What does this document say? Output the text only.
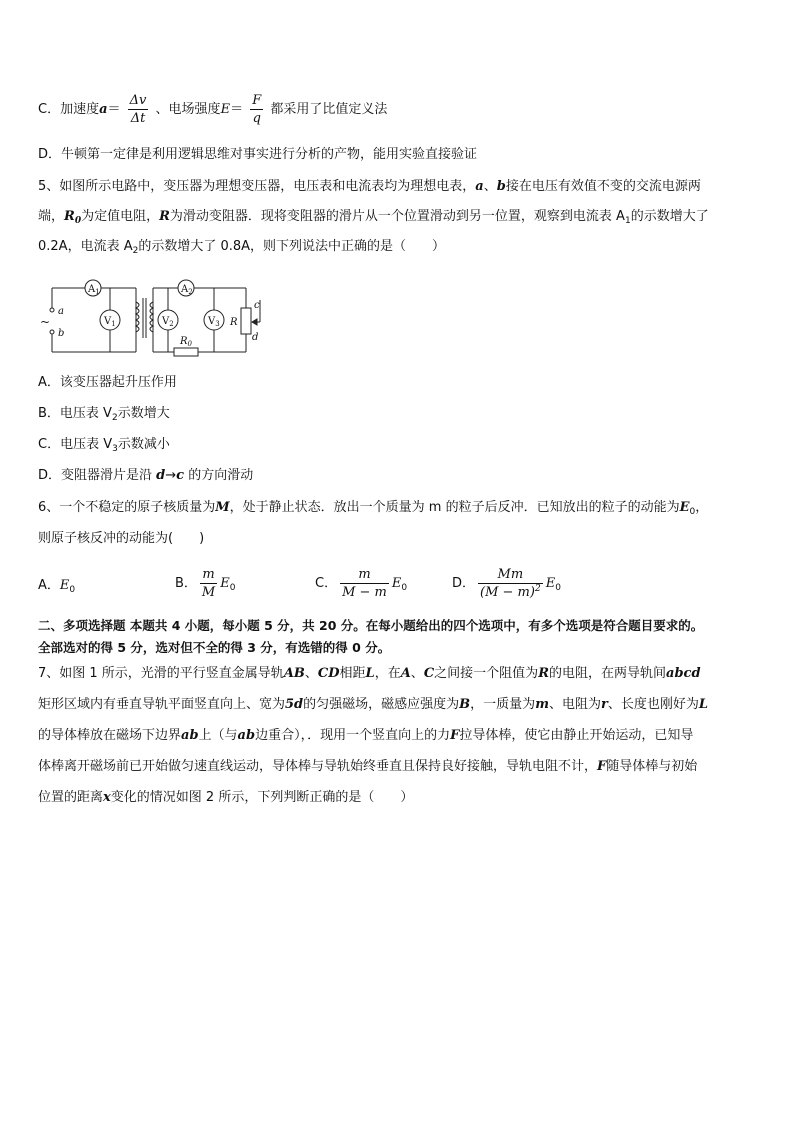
C．加速度$a= \frac{\Delta v}{\Delta t}$ 、电场强度$E= \frac{F}{q}$ 都采用了比值定义法
D．牛顿第一定律是利用逻辑思维对事实进行分析的产物，能用实验直接验证
5、如图所示电路中，变压器为理想变压器，电压表和电流表均为理想电表，a、b接在电压有效值不变的交流电源两
端，$R_0$为定值电阻，R为滑动变阻器．现将变阻器的滑片从一个位置滑动到另一位置，观察到电流表 $A_1$的示数增大了
0.2A，电流表 $A_2$的示数增大了 0.8A，则下列说法中正确的是（　　）
$A_1$	$A_2$
$V_1$	$V_2$	$V_3$
$R_0$
R
c
d
a
b
~
A．该变压器起升压作用
B．电压表 $V_2$示数增大
C．电压表 $V_3$示数减小
D．变阻器滑片是沿 d→c 的方向滑动
6、一个不稳定的原子核质量为M，处于静止状态．放出一个质量为 m 的粒子后反冲．已知放出的粒子的动能为$E_0$，
则原子核反冲的动能为(　　)
A．$E_0$	B． $\frac{m}{M} E_0$	C． $\frac{m}{M - m} E_0$	D． $\frac{Mm}{(M - m)^2} E_0$
二、多项选择题 本题共 4 小题，每小题 5 分，共 20 分。在每小题给出的四个选项中，有多个选项是符合题目要求的。
全部选对的得 5 分，选对但不全的得 3 分，有选错的得 0 分。
7、如图 1 所示，光滑的平行竖直金属导轨AB、CD相距L，在A、C之间接一个阻值为R的电阻，在两导轨间abcd
矩形区域内有垂直导轨平面竖直向上、宽为5d的匀强磁场，磁感应强度为B，一质量为m、电阻为r、长度也刚好为L
的导体棒放在磁场下边界ab上（与ab边重合），．现用一个竖直向上的力F拉导体棒，使它由静止开始运动，已知导
体棒离开磁场前已开始做匀速直线运动，导体棒与导轨始终垂直且保持良好接触，导轨电阻不计，F随导体棒与初始
位置的距离x变化的情况如图 2 所示，下列判断正确的是（　　）
